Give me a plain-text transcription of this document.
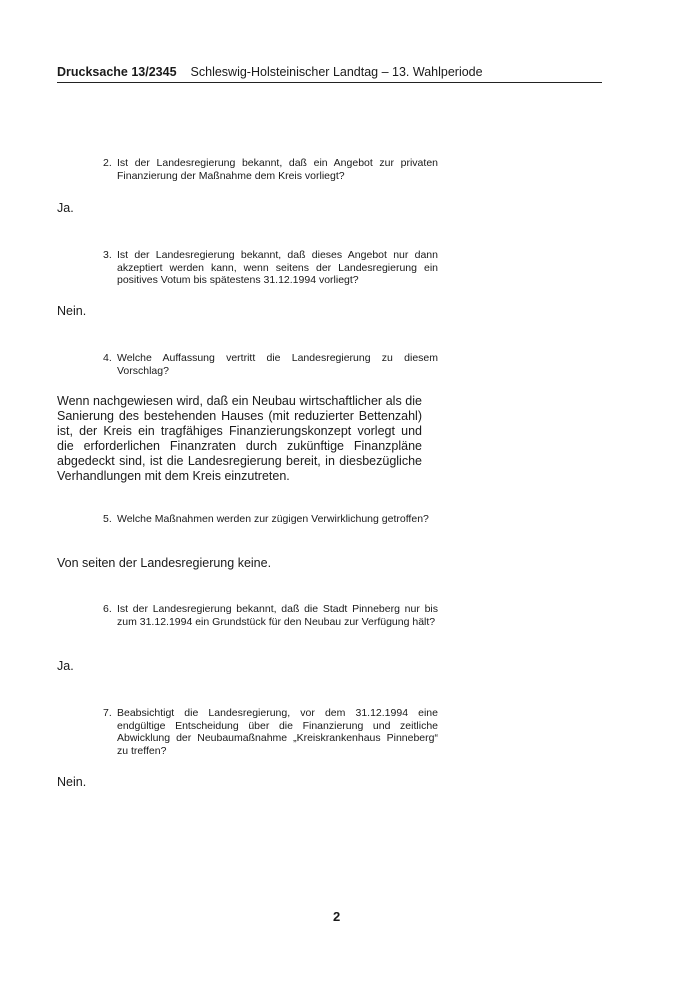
Drucksache 13/2345 Schleswig-Holsteinischer Landtag – 13. Wahlperiode
2. Ist der Landesregierung bekannt, daß ein Angebot zur privaten Finanzierung der Maßnahme dem Kreis vorliegt?
Ja.
3. Ist der Landesregierung bekannt, daß dieses Angebot nur dann akzeptiert werden kann, wenn seitens der Landesregierung ein positives Votum bis spätestens 31.12.1994 vorliegt?
Nein.
4. Welche Auffassung vertritt die Landesregierung zu diesem Vorschlag?
Wenn nachgewiesen wird, daß ein Neubau wirtschaftlicher als die Sanierung des bestehenden Hauses (mit reduzierter Bettenzahl) ist, der Kreis ein tragfähiges Finanzierungskonzept vorlegt und die erforderlichen Finanzraten durch zukünftige Finanzpläne abgedeckt sind, ist die Landesregierung bereit, in diesbezügliche Verhandlungen mit dem Kreis einzutreten.
5. Welche Maßnahmen werden zur zügigen Verwirklichung getroffen?
Von seiten der Landesregierung keine.
6. Ist der Landesregierung bekannt, daß die Stadt Pinneberg nur bis zum 31.12.1994 ein Grundstück für den Neubau zur Verfügung hält?
Ja.
7. Beabsichtigt die Landesregierung, vor dem 31.12.1994 eine endgültige Entscheidung über die Finanzierung und zeitliche Abwicklung der Neubaumaßnahme „Kreiskrankenhaus Pinneberg“ zu treffen?
Nein.
2
